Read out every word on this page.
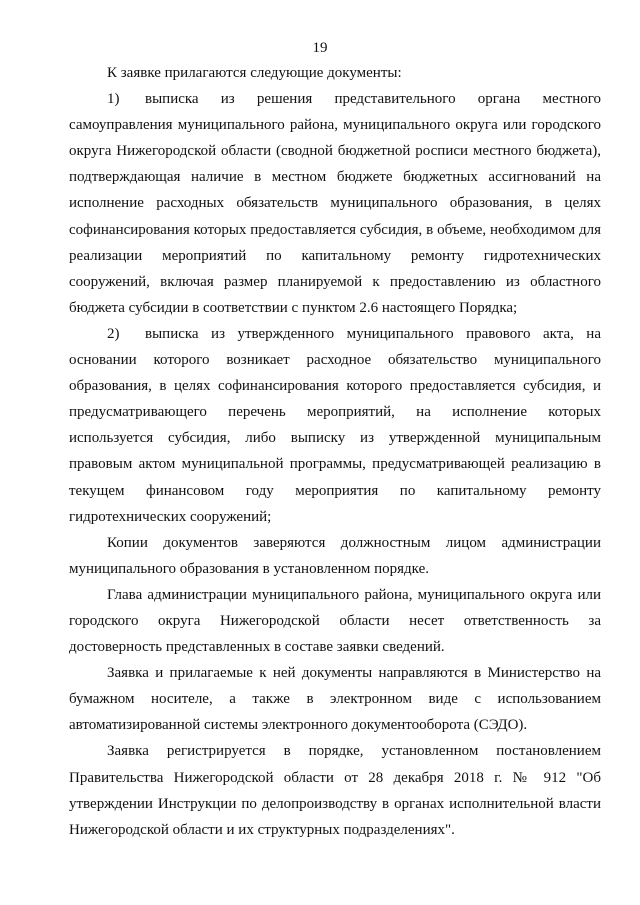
19

К заявке прилагаются следующие документы:

1) выписка из решения представительного органа местного самоуправления муниципального района, муниципального округа или городского округа Нижегородской области (сводной бюджетной росписи местного бюджета), подтверждающая наличие в местном бюджете бюджетных ассигнований на исполнение расходных обязательств муниципального образования, в целях софинансирования которых предоставляется субсидия, в объеме, необходимом для реализации мероприятий по капитальному ремонту гидротехнических сооружений, включая размер планируемой к предоставлению из областного бюджета субсидии в соответствии с пунктом 2.6 настоящего Порядка;

2) выписка из утвержденного муниципального правового акта, на основании которого возникает расходное обязательство муниципального образования, в целях софинансирования которого предоставляется субсидия, и предусматривающего перечень мероприятий, на исполнение которых используется субсидия, либо выписку из утвержденной муниципальным правовым актом муниципальной программы, предусматривающей реализацию в текущем финансовом году мероприятия по капитальному ремонту гидротехнических сооружений;

Копии документов заверяются должностным лицом администрации муниципального образования в установленном порядке.

Глава администрации муниципального района, муниципального округа или городского округа Нижегородской области несет ответственность за достоверность представленных в составе заявки сведений.

Заявка и прилагаемые к ней документы направляются в Министерство на бумажном носителе, а также в электронном виде с использованием автоматизированной системы электронного документооборота (СЭДО).

Заявка регистрируется в порядке, установленном постановлением Правительства Нижегородской области от 28 декабря 2018 г. № 912 "Об утверждении Инструкции по делопроизводству в органах исполнительной власти Нижегородской области и их структурных подразделениях".
